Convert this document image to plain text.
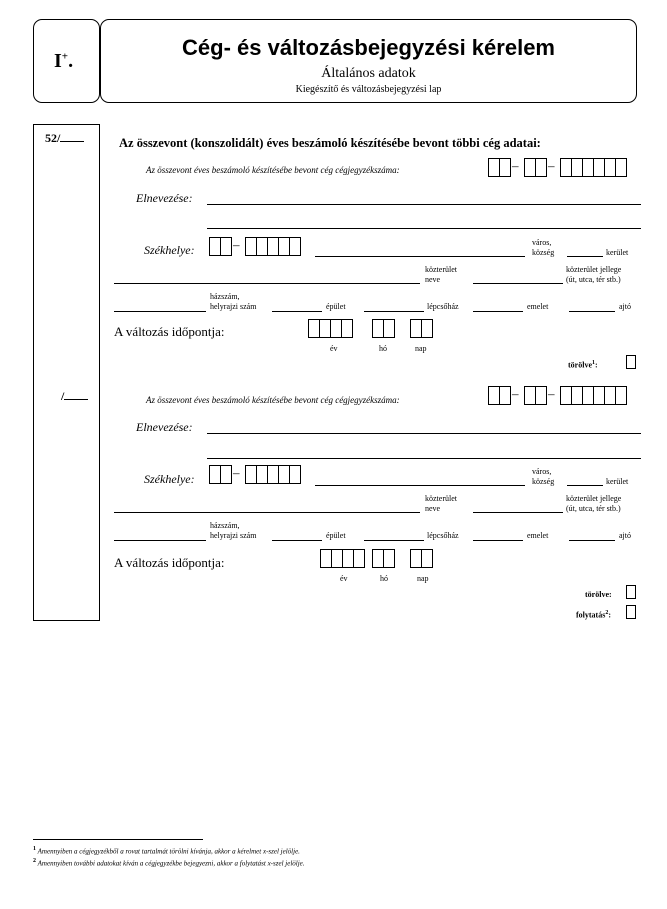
I+.
Cég- és változásbejegyzési kérelem
Általános adatok
Kiegészítő és változásbejegyzési lap
52/
/
Az összevont (konszolidált) éves beszámoló készítésébe bevont többi cég adatai:
Az összevont éves beszámoló készítésébe bevont cég cégjegyzékszáma:	– –
Elnevezése:
Székhelye:	–	város,
község	kerület
közterület
neve
közterület jellege
(út, utca, tér stb.)
házszám,
helyrajzi szám	épület	lépcsőház	emelet	ajtó
A változás időpontja:
év	hó	nap
törölve$^1$:
Az összevont éves beszámoló készítésébe bevont cég cégjegyzékszáma:	– –
Elnevezése:
Székhelye:	–	város,
község	kerület
közterület
neve
közterület jellege
(út, utca, tér stb.)
házszám,
helyrajzi szám	épület	lépcsőház	emelet	ajtó
A változás időpontja:
év	hó	nap
törölve:
folytatás$^2$:
$^1$ Amennyiben a cégjegyzékből a rovat tartalmát törölni kívánja, akkor a kérelmet x-szel jelölje.
$^2$ Amennyiben további adatokat kíván a cégjegyzékbe bejegyezni, akkor a folytatást x-szel jelölje.
